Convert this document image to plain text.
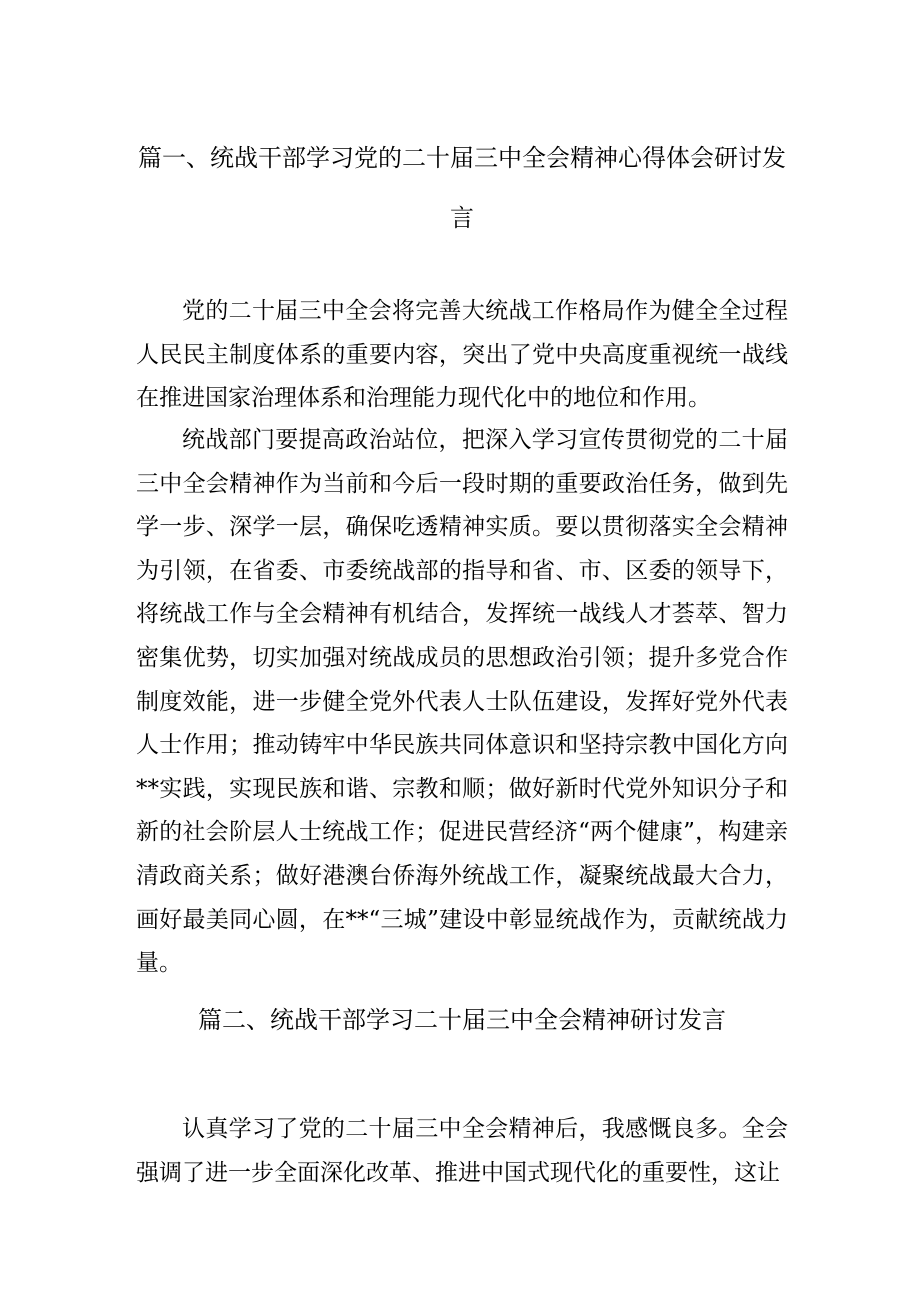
篇一、统战干部学习党的二十届三中全会精神心得体会研讨发言

党的二十届三中全会将完善大统战工作格局作为健全全过程人民民主制度体系的重要内容，突出了党中央高度重视统一战线在推进国家治理体系和治理能力现代化中的地位和作用。

统战部门要提高政治站位，把深入学习宣传贯彻党的二十届三中全会精神作为当前和今后一段时期的重要政治任务，做到先学一步、深学一层，确保吃透精神实质。要以贯彻落实全会精神为引领，在省委、市委统战部的指导和省、市、区委的领导下，将统战工作与全会精神有机结合，发挥统一战线人才荟萃、智力密集优势，切实加强对统战成员的思想政治引领；提升多党合作制度效能，进一步健全党外代表人士队伍建设，发挥好党外代表人士作用；推动铸牢中华民族共同体意识和坚持宗教中国化方向**实践，实现民族和谐、宗教和顺；做好新时代党外知识分子和新的社会阶层人士统战工作；促进民营经济“两个健康”，构建亲清政商关系；做好港澳台侨海外统战工作，凝聚统战最大合力，画好最美同心圆，在**“三城”建设中彰显统战作为，贡献统战力量。

篇二、统战干部学习二十届三中全会精神研讨发言

认真学习了党的二十届三中全会精神后，我感慨良多。全会强调了进一步全面深化改革、推进中国式现代化的重要性，这让
